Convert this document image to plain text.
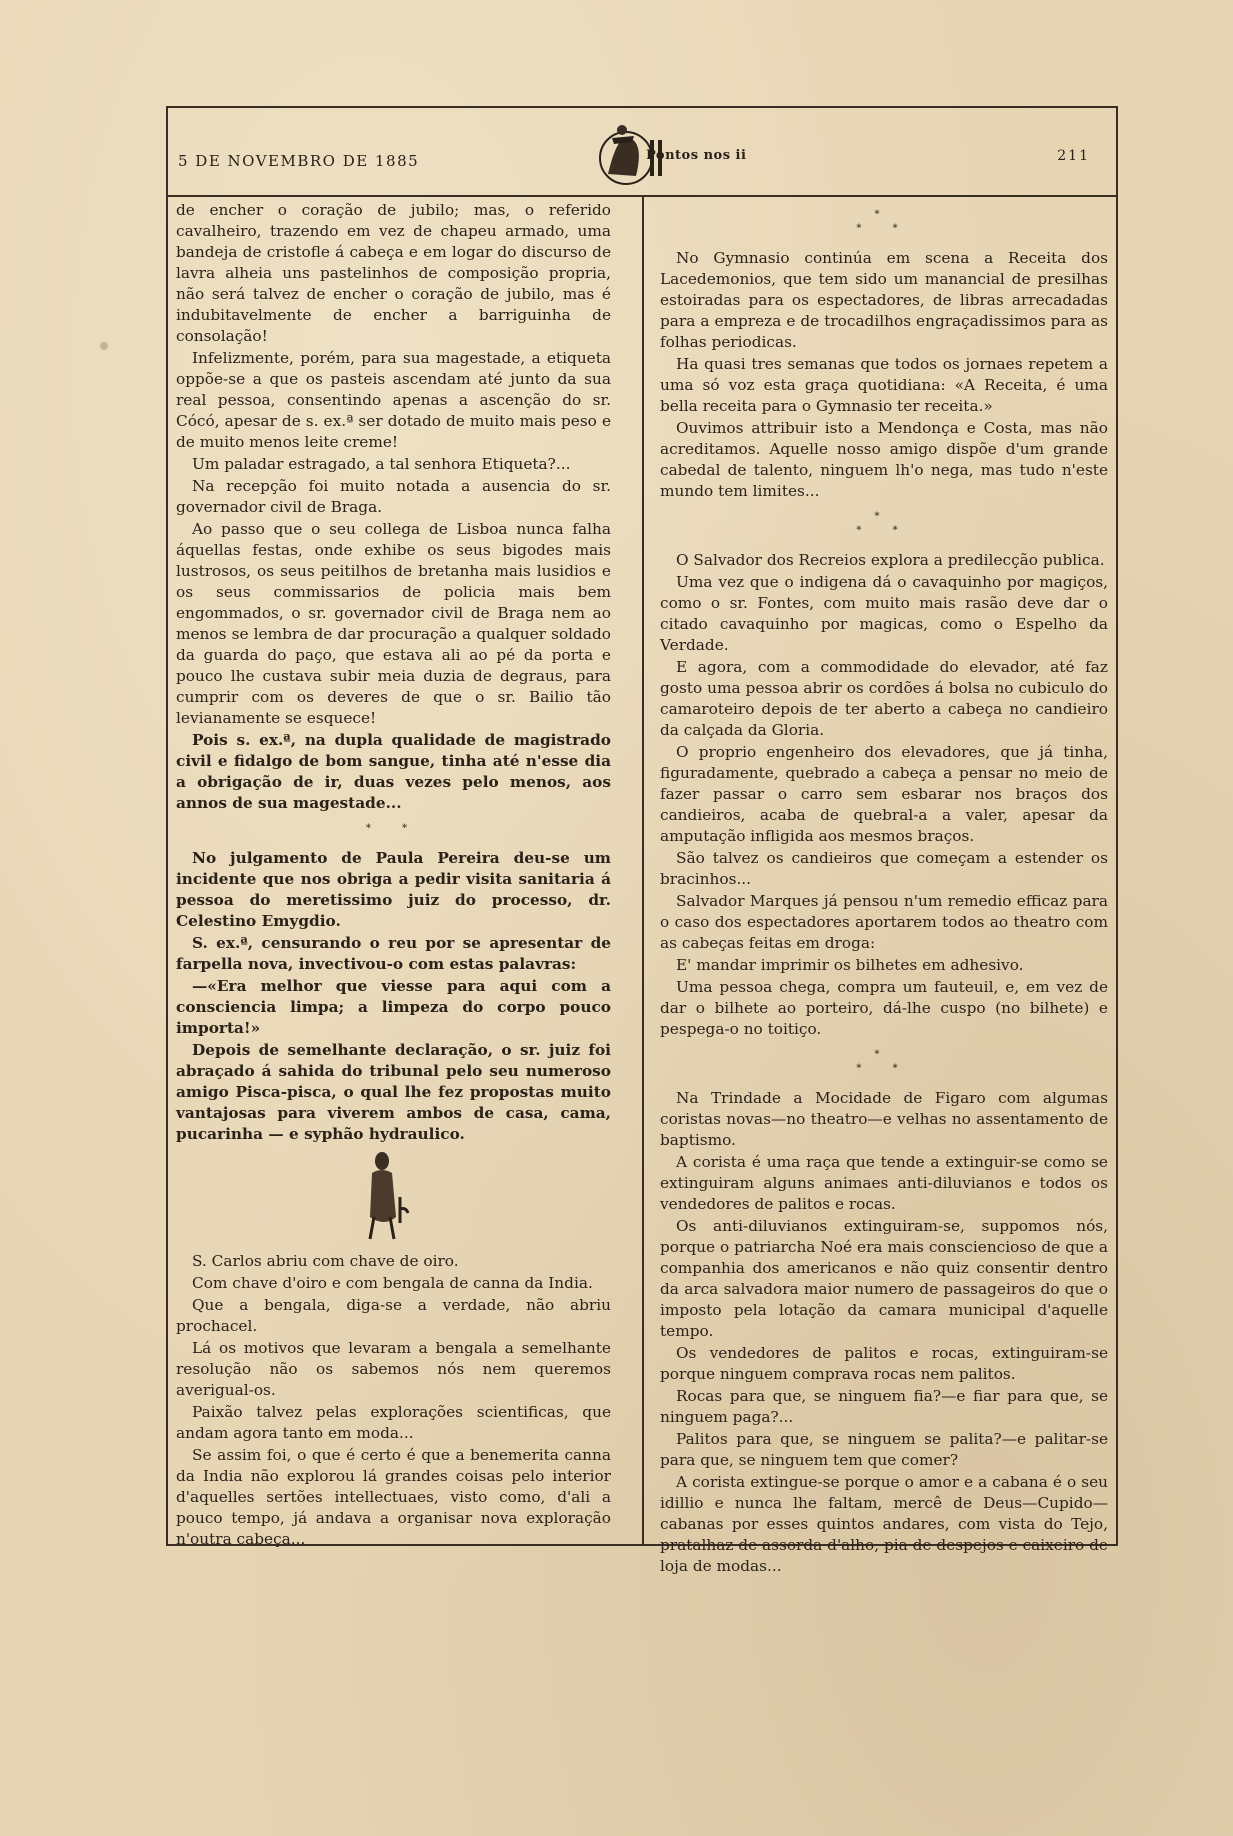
5 DE NOVEMBRO DE 1885	Pontos nos ii	211

de encher o coração de jubilo; mas, o referido cavalheiro, trazendo em vez de chapeu armado, uma bandeja de cristofle á cabeça e em logar do discurso de lavra alheia uns pastelinhos de composição propria, não será talvez de encher o coração de jubilo, mas é indubitavelmente de encher a barriguinha de consolação!

Infelizmente, porém, para sua magestade, a etiqueta oppõe-se a que os pasteis ascendam até junto da sua real pessoa, consentindo apenas a ascenção do sr. Cócó, apesar de s. ex.ª ser dotado de muito mais peso e de muito menos leite creme!

Um paladar estragado, a tal senhora Etiqueta?...

Na recepção foi muito notada a ausencia do sr. governador civil de Braga.

Ao passo que o seu collega de Lisboa nunca falha áquellas festas, onde exhibe os seus bigodes mais lustrosos, os seus peitilhos de bretanha mais lusidios e os seus commissarios de policia mais bem engommados, o sr. governador civil de Braga nem ao menos se lembra de dar procuração a qualquer soldado da guarda do paço, que estava ali ao pé da porta e pouco lhe custava subir meia duzia de degraus, para cumprir com os deveres de que o sr. Bailio tão levianamente se esquece!

Pois s. ex.ª, na dupla qualidade de magistrado civil e fidalgo de bom sangue, tinha até n'esse dia a obrigação de ir, duas vezes pelo menos, aos annos de sua magestade...

* *

No julgamento de Paula Pereira deu-se um incidente que nos obriga a pedir visita sanitaria á pessoa do meretissimo juiz do processo, dr. Celestino Emygdio.

S. ex.ª, censurando o reu por se apresentar de farpella nova, invectivou-o com estas palavras:

—«Era melhor que viesse para aqui com a consciencia limpa; a limpeza do corpo pouco importa!»

Depois de semelhante declaração, o sr. juiz foi abraçado á sahida do tribunal pelo seu numeroso amigo Pisca-pisca, o qual lhe fez propostas muito vantajosas para viverem ambos de casa, cama, pucarinha — e syphão hydraulico.

S. Carlos abriu com chave de oiro.

Com chave d'oiro e com bengala de canna da India.

Que a bengala, diga-se a verdade, não abriu prochacel.

Lá os motivos que levaram a bengala a semelhante resolução não os sabemos nós nem queremos averigual-os.

Paixão talvez pelas explorações scientificas, que andam agora tanto em moda...

Se assim foi, o que é certo é que a benemerita canna da India não explorou lá grandes coisas pelo interior d'aquelles sertões intellectuaes, visto como, d'ali a pouco tempo, já andava a organisar nova exploração n'outra cabeça...

*
* *

No Gymnasio continúa em scena a Receita dos Lacedemonios, que tem sido um manancial de presilhas estoiradas para os espectadores, de libras arrecadadas para a empreza e de trocadilhos engraçadissimos para as folhas periodicas.

Ha quasi tres semanas que todos os jornaes repetem a uma só voz esta graça quotidiana: «A Receita, é uma bella receita para o Gymnasio ter receita.»

Ouvimos attribuir isto a Mendonça e Costa, mas não acreditamos. Aquelle nosso amigo dispõe d'um grande cabedal de talento, ninguem lh'o nega, mas tudo n'este mundo tem limites...

*
* *

O Salvador dos Recreios explora a predilecção publica.

Uma vez que o indigena dá o cavaquinho por magiços, como o sr. Fontes, com muito mais rasão deve dar o citado cavaquinho por magicas, como o Espelho da Verdade.

E agora, com a commodidade do elevador, até faz gosto uma pessoa abrir os cordões á bolsa no cubiculo do camaroteiro depois de ter aberto a cabeça no candieiro da calçada da Gloria.

O proprio engenheiro dos elevadores, que já tinha, figuradamente, quebrado a cabeça a pensar no meio de fazer passar o carro sem esbarar nos braços dos candieiros, acaba de quebral-a a valer, apesar da amputação infligida aos mesmos braços.

São talvez os candieiros que começam a estender os bracinhos...

Salvador Marques já pensou n'um remedio efficaz para o caso dos espectadores aportarem todos ao theatro com as cabeças feitas em droga:

E' mandar imprimir os bilhetes em adhesivo.

Uma pessoa chega, compra um fauteuil, e, em vez de dar o bilhete ao porteiro, dá-lhe cuspo (no bilhete) e pespega-o no toitiço.

*
* *

Na Trindade a Mocidade de Figaro com algumas coristas novas—no theatro—e velhas no assentamento de baptismo.

A corista é uma raça que tende a extinguir-se como se extinguiram alguns animaes anti-diluvianos e todos os vendedores de palitos e rocas.

Os anti-diluvianos extinguiram-se, suppomos nós, porque o patriarcha Noé era mais consciencioso de que a companhia dos americanos e não quiz consentir dentro da arca salvadora maior numero de passageiros do que o imposto pela lotação da camara municipal d'aquelle tempo.

Os vendedores de palitos e rocas, extinguiram-se porque ninguem comprava rocas nem palitos.

Rocas para que, se ninguem fia?—e fiar para que, se ninguem paga?...

Palitos para que, se ninguem se palita?—e palitar-se para que, se ninguem tem que comer?

A corista extingue-se porque o amor e a cabana é o seu idillio e nunca lhe faltam, mercê de Deus—Cupido—cabanas por esses quintos andares, com vista do Tejo, pratalhaz de assorda d'alho, pia de despejos e caixeiro de loja de modas...
